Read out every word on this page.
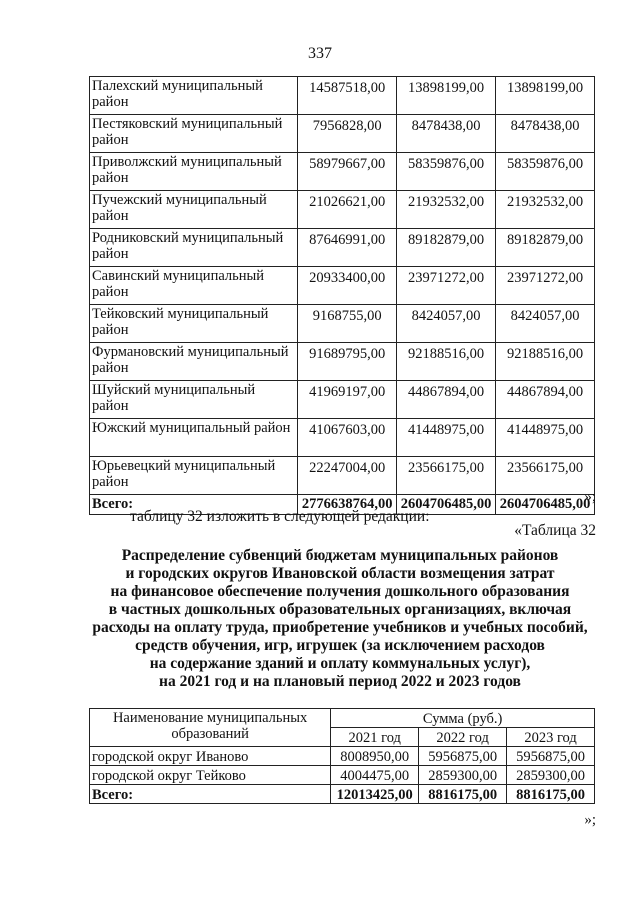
337
Палехский муниципальный район	14587518,00	13898199,00	13898199,00
Пестяковский муниципальный район	7956828,00	8478438,00	8478438,00
Приволжский муниципальный район	58979667,00	58359876,00	58359876,00
Пучежский муниципальный район	21026621,00	21932532,00	21932532,00
Родниковский муниципальный район	87646991,00	89182879,00	89182879,00
Савинский муниципальный район	20933400,00	23971272,00	23971272,00
Тейковский муниципальный район	9168755,00	8424057,00	8424057,00
Фурмановский муниципальный район	91689795,00	92188516,00	92188516,00
Шуйский муниципальный район	41969197,00	44867894,00	44867894,00
Южский муниципальный район	41067603,00	41448975,00	41448975,00
Юрьевецкий муниципальный район	22247004,00	23566175,00	23566175,00
Всего:	2776638764,00	2604706485,00	2604706485,00
»;
таблицу 32 изложить в следующей редакции:
«Таблица 32
Распределение субвенций бюджетам муниципальных районов
и городских округов Ивановской области возмещения затрат
на финансовое обеспечение получения дошкольного образования
в частных дошкольных образовательных организациях, включая
расходы на оплату труда, приобретение учебников и учебных пособий,
средств обучения, игр, игрушек (за исключением расходов
на содержание зданий и оплату коммунальных услуг),
на 2021 год и на плановый период 2022 и 2023 годов
Наименование муниципальных образований	Сумма (руб.)		
	2021 год	2022 год	2023 год
городской округ Иваново	8008950,00	5956875,00	5956875,00
городской округ Тейково	4004475,00	2859300,00	2859300,00
Всего:	12013425,00	8816175,00	8816175,00
»;
